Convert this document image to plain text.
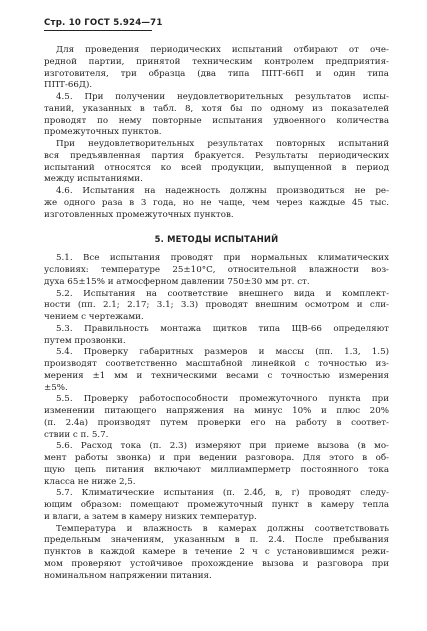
Стр. 10 ГОСТ 5.924—71
Для проведения периодических испытаний отбирают от оче-
редной партии, принятой техническим контролем предприятия-
изготовителя, три образца (два типа ППТ-66П и один типа
ППТ-66Д).
4.5. При получении неудовлетворительных результатов испы-
таний, указанных в табл. 8, хотя бы по одному из показателей
проводят по нему повторные испытания удвоенного количества
промежуточных пунктов.
При неудовлетворительных результатах повторных испытаний
вся предъявленная партия бракуется. Результаты периодических
испытаний относятся ко всей продукции, выпущенной в период
между испытаниями.
4.6. Испытания на надежность должны производиться не ре-
же одного раза в 3 года, но не чаще, чем через каждые 45 тыс.
изготовленных промежуточных пунктов.
5. МЕТОДЫ ИСПЫТАНИЙ
5.1. Все испытания проводят при нормальных климатических
условиях: температуре 25±10°С, относительной влажности воз-
духа 65±15% и атмосферном давлении 750±30 мм рт. ст.
5.2. Испытания на соответствие внешнего вида и комплект-
ности (пп. 2.1; 2.17; 3.1; 3.3) проводят внешним осмотром и сли-
чением с чертежами.
5.3. Правильность монтажа щитков типа ЩВ-66 определяют
путем прозвонки.
5.4. Проверку габаритных размеров и массы (пп. 1.3, 1.5)
производят соответственно масштабной линейкой с точностью из-
мерения ±1 мм и техническими весами с точностью измерения
±5%.
5.5. Проверку работоспособности промежуточного пункта при
изменении питающего напряжения на минус 10% и плюс 20%
(п. 2.4а) производят путем проверки его на работу в соответ-
ствии с п. 5.7.
5.6. Расход тока (п. 2.3) измеряют при приеме вызова (в мо-
мент работы звонка) и при ведении разговора. Для этого в об-
щую цепь питания включают миллиамперметр постоянного тока
класса не ниже 2,5.
5.7. Климатические испытания (п. 2.4б, в, г) проводят следу-
ющим образом: помещают промежуточный пункт в камеру тепла
и влаги, а затем в камеру низких температур.
Температура и влажность в камерах должны соответствовать
предельным значениям, указанным в п. 2.4. После пребывания
пунктов в каждой камере в течение 2 ч с установившимся режи-
мом проверяют устойчивое прохождение вызова и разговора при
номинальном напряжении питания.
